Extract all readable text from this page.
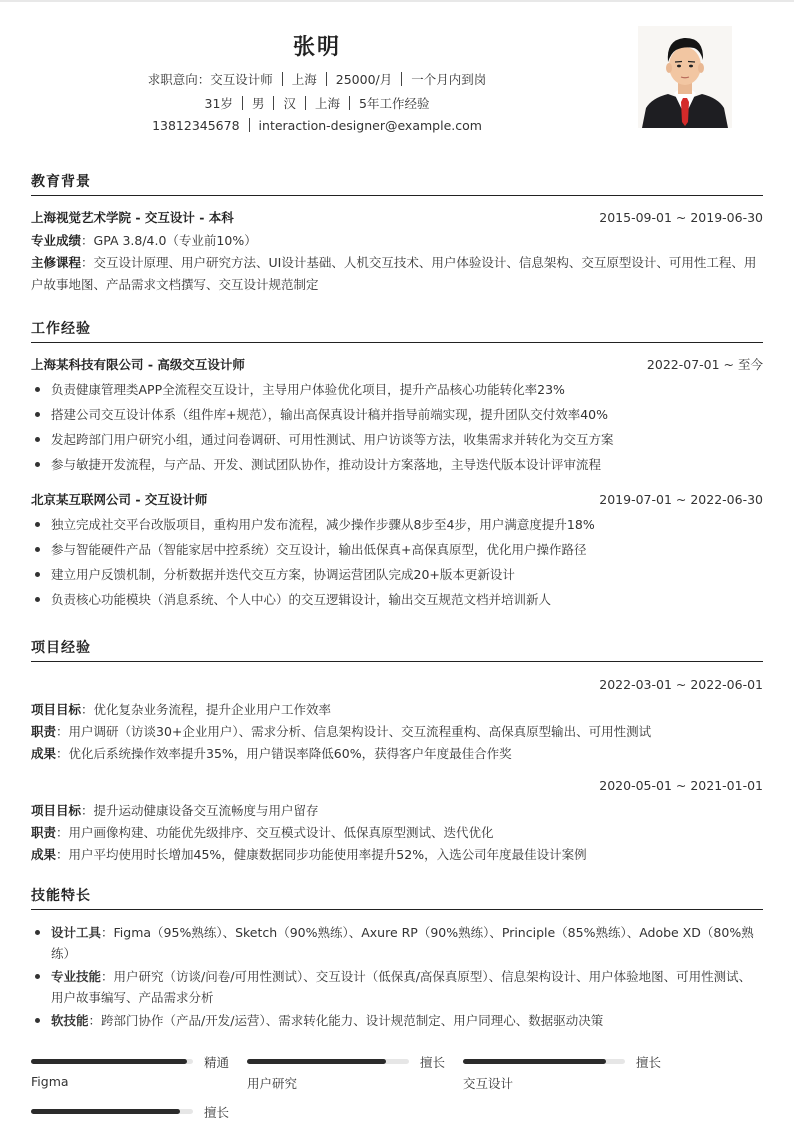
张明
求职意向：交互设计师 上海 25000/月 一个月内到岗
31岁 男 汉 上海 5年工作经验
13812345678 interaction-designer@example.com
教育背景
上海视觉艺术学院 - 交互设计 - 本科	2015-09-01 ~ 2019-06-30
专业成绩：GPA 3.8/4.0（专业前10%）
主修课程：交互设计原理、用户研究方法、UI设计基础、人机交互技术、用户体验设计、信息架构、交互原型设计、可用性工程、用户故事地图、产品需求文档撰写、交互设计规范制定
工作经验
上海某科技有限公司 - 高级交互设计师	2022-07-01 ~ 至今
负责健康管理类APP全流程交互设计，主导用户体验优化项目，提升产品核心功能转化率23%
搭建公司交互设计体系（组件库+规范），输出高保真设计稿并指导前端实现，提升团队交付效率40%
发起跨部门用户研究小组，通过问卷调研、可用性测试、用户访谈等方法，收集需求并转化为交互方案
参与敏捷开发流程，与产品、开发、测试团队协作，推动设计方案落地，主导迭代版本设计评审流程
北京某互联网公司 - 交互设计师	2019-07-01 ~ 2022-06-30
独立完成社交平台改版项目，重构用户发布流程，减少操作步骤从8步至4步，用户满意度提升18%
参与智能硬件产品（智能家居中控系统）交互设计，输出低保真+高保真原型，优化用户操作路径
建立用户反馈机制，分析数据并迭代交互方案，协调运营团队完成20+版本更新设计
负责核心功能模块（消息系统、个人中心）的交互逻辑设计，输出交互规范文档并培训新人
项目经验
2022-03-01 ~ 2022-06-01
项目目标：优化复杂业务流程，提升企业用户工作效率
职责：用户调研（访谈30+企业用户）、需求分析、信息架构设计、交互流程重构、高保真原型输出、可用性测试
成果：优化后系统操作效率提升35%，用户错误率降低60%，获得客户年度最佳合作奖
2020-05-01 ~ 2021-01-01
项目目标：提升运动健康设备交互流畅度与用户留存
职责：用户画像构建、功能优先级排序、交互模式设计、低保真原型测试、迭代优化
成果：用户平均使用时长增加45%，健康数据同步功能使用率提升52%，入选公司年度最佳设计案例
技能特长
设计工具：Figma（95%熟练）、Sketch（90%熟练）、Axure RP（90%熟练）、Principle（85%熟练）、Adobe XD（80%熟练）
专业技能：用户研究（访谈/问卷/可用性测试）、交互设计（低保真/高保真原型）、信息架构设计、用户体验地图、可用性测试、用户故事编写、产品需求分析
软技能：跨部门协作（产品/开发/运营）、需求转化能力、设计规范制定、用户同理心、数据驱动决策
精通
Figma
擅长
用户研究
擅长
交互设计
擅长
